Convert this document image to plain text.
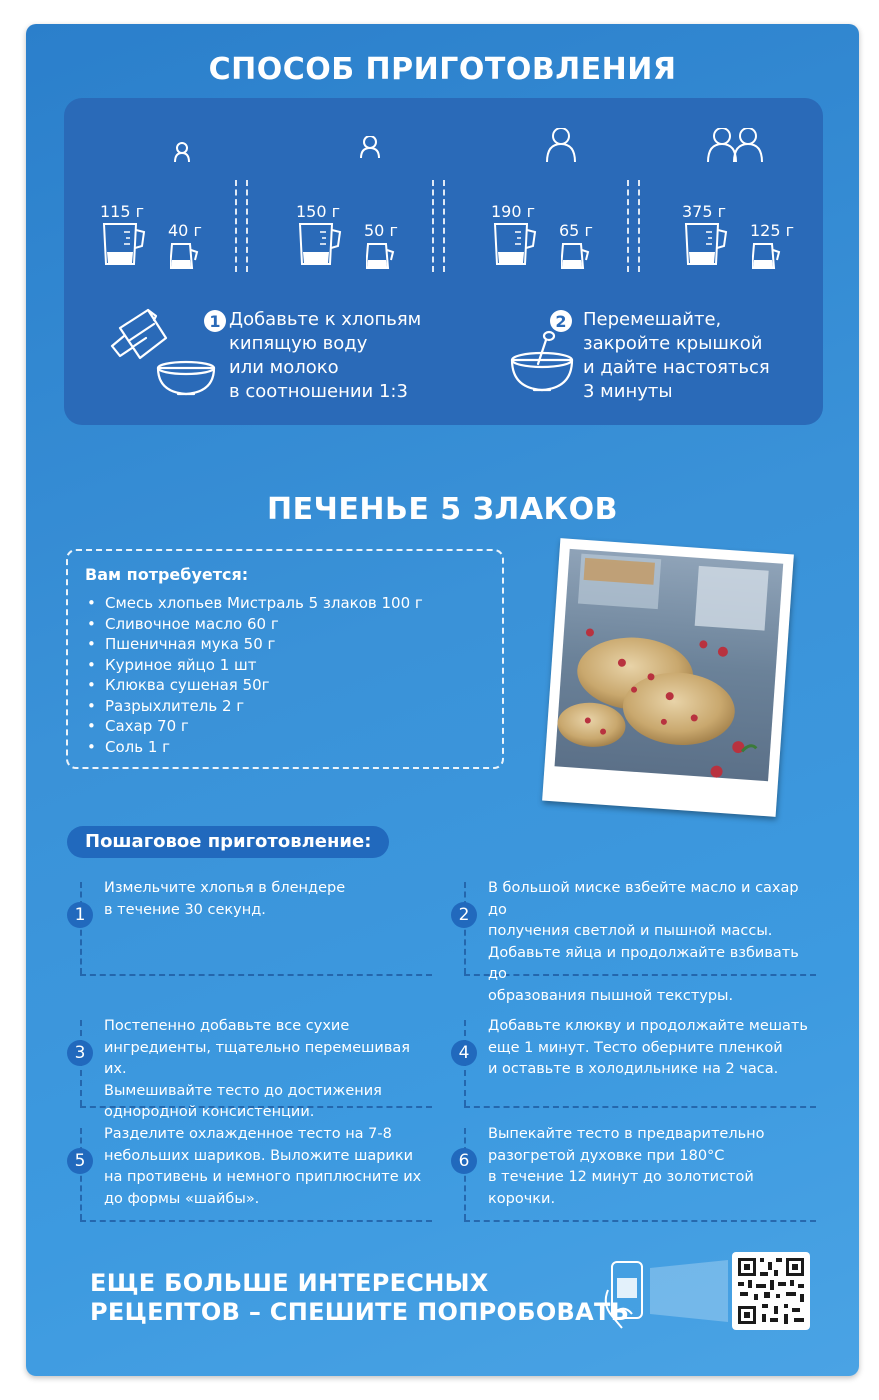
СПОСОБ ПРИГОТОВЛЕНИЯ
115 г
40 г
150 г
50 г
190 г
65 г
375 г
125 г
1 Добавьте к хлопьям
кипящую воду
или молоко
в соотношении 1:3
2 Перемешайте,
закройте крышкой
и дайте настояться
3 минуты
ПЕЧЕНЬЕ 5 ЗЛАКОВ
Вам потребуется:
• Смесь хлопьев Мистраль 5 злаков 100 г
• Сливочное масло 60 г
• Пшеничная мука 50 г
• Куриное яйцо 1 шт
• Клюква сушеная 50г
• Разрыхлитель 2 г
• Сахар 70 г
• Соль 1 г
Пошаговое приготовление:
1
Измельчите хлопья в блендере
в течение 30 секунд.	2
В большой миске взбейте масло и сахар до
получения светлой и пышной массы.
Добавьте яйца и продолжайте взбивать до
образования пышной текстуры.
3
Постепенно добавьте все сухие
ингредиенты, тщательно перемешивая их.
Вымешивайте тесто до достижения
однородной консистенции.
4
Добавьте клюкву и продолжайте мешать
еще 1 минут. Тесто оберните пленкой
и оставьте в холодильнике на 2 часа.
5
Разделите охлажденное тесто на 7-8
небольших шариков. Выложите шарики
на противень и немного приплюсните их
до формы «шайбы».
6
Выпекайте тесто в предварительно
разогретой духовке при 180°C
в течение 12 минут до золотистой корочки.
ЕЩЕ БОЛЬШЕ ИНТЕРЕСНЫХ
РЕЦЕПТОВ – СПЕШИТЕ ПОПРОБОВАТЬ
